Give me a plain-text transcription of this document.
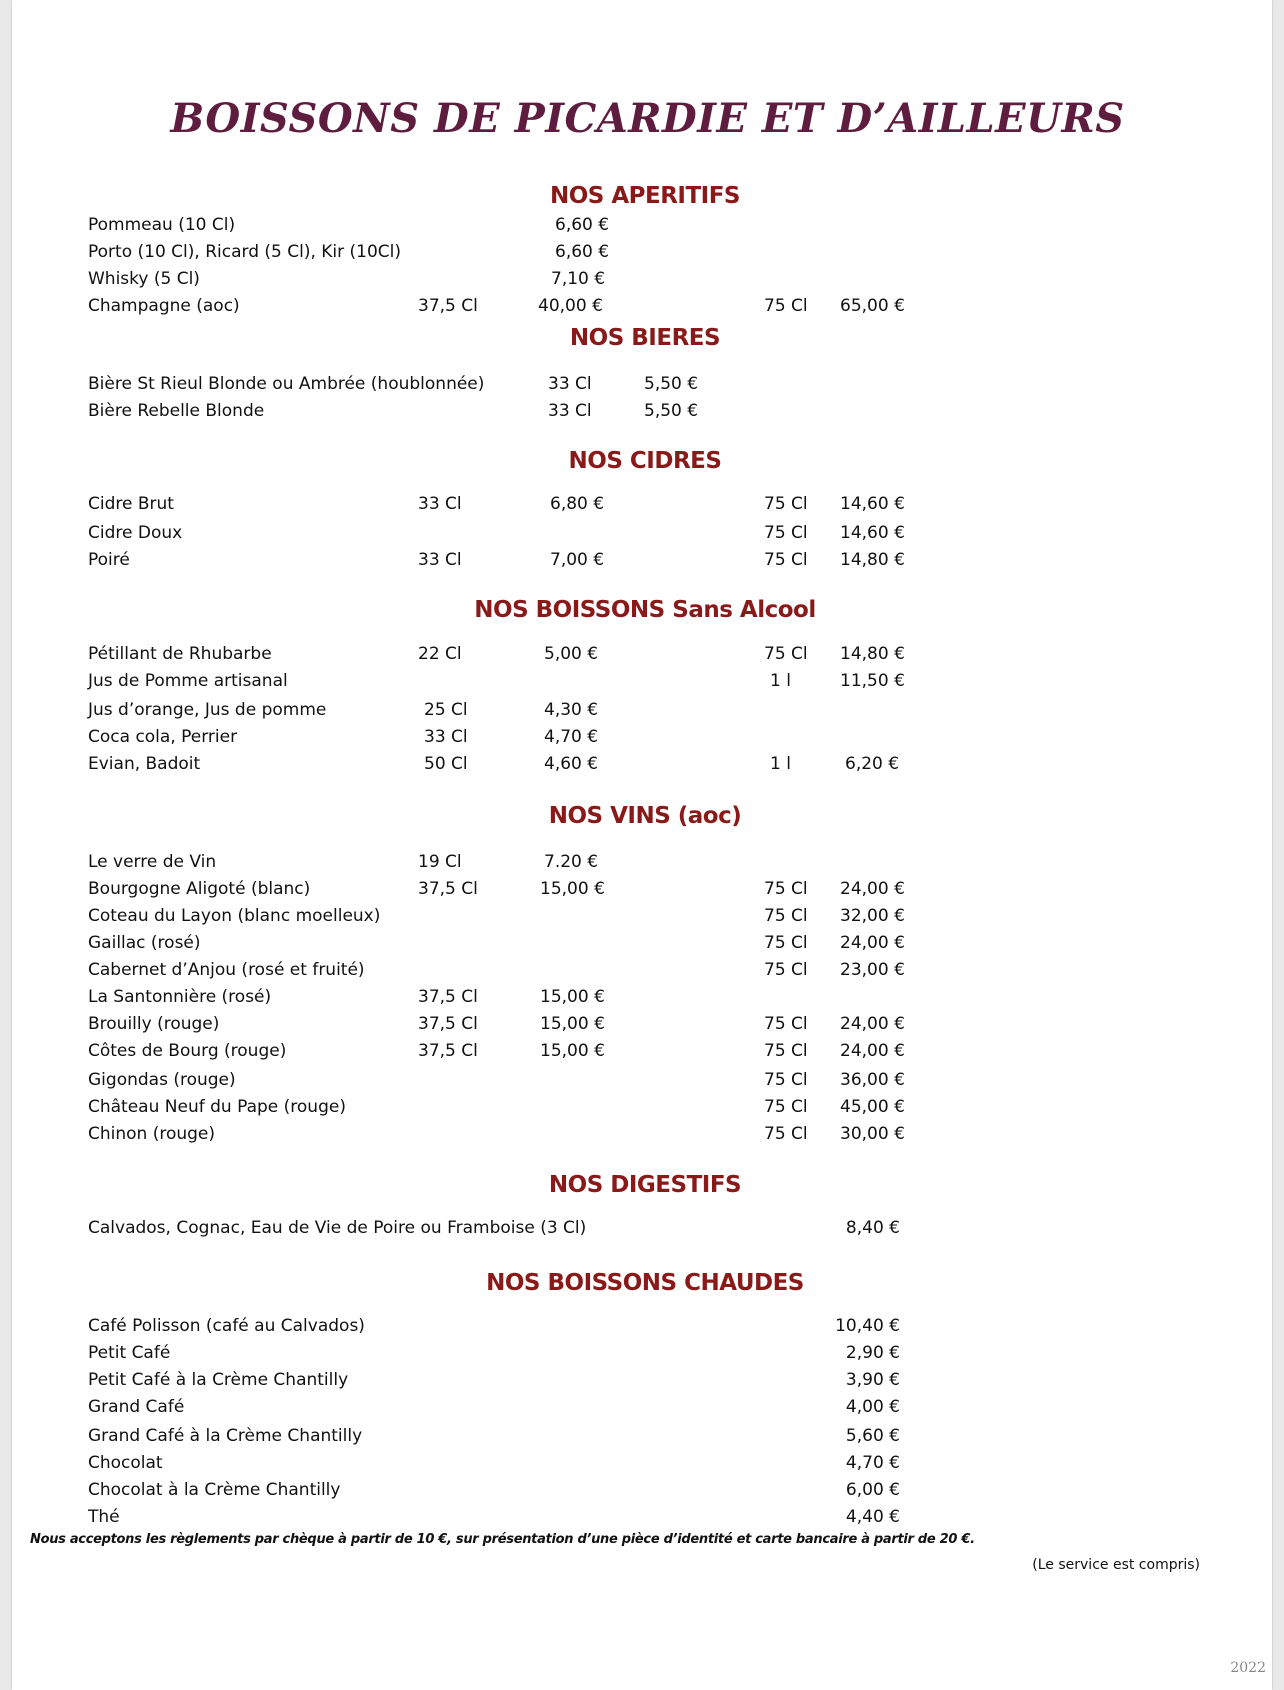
BOISSONS DE PICARDIE ET D’AILLEURS
NOS APERITIFS
Pommeau (10 Cl)	6,60 €
Porto (10 Cl), Ricard (5 Cl), Kir (10Cl)	6,60 €
Whisky (5 Cl)	7,10 €
Champagne (aoc)	37,5 Cl	40,00 €	75 Cl 65,00 €
NOS BIERES
Bière St Rieul Blonde ou Ambrée (houblonnée)	33 Cl	5,50 €
Bière Rebelle Blonde	33 Cl	5,50 €
NOS CIDRES
Cidre Brut	33 Cl	6,80 €	75 Cl 14,60 €
Cidre Doux	75 Cl 14,60 €
Poiré	33 Cl	7,00 €	75 Cl 14,80 €
NOS BOISSONS Sans Alcool
Pétillant de Rhubarbe	22 Cl	5,00 €	75 Cl 14,80 €
Jus de Pomme artisanal	1 l	11,50 €
Jus d’orange, Jus de pomme	25 Cl	4,30 €
Coca cola, Perrier	33 Cl	4,70 €
Evian, Badoit	50 Cl	4,60 €	1 l	6,20 €
NOS VINS (aoc)
Le verre de Vin	19 Cl	7.20 €
Bourgogne Aligoté (blanc)	37,5 Cl	15,00 €	75 Cl 24,00 €
Coteau du Layon (blanc moelleux)	75 Cl 32,00 €
Gaillac (rosé)	75 Cl 24,00 €
Cabernet d’Anjou (rosé et fruité)	75 Cl 23,00 €
La Santonnière (rosé)	37,5 Cl	15,00 €
Brouilly (rouge)	37,5 Cl	15,00 €	75 Cl 24,00 €
Côtes de Bourg (rouge)	37,5 Cl	15,00 €	75 Cl 24,00 €
Gigondas (rouge)	75 Cl 36,00 €
Château Neuf du Pape (rouge)	75 Cl 45,00 €
Chinon (rouge)	75 Cl 30,00 €
NOS DIGESTIFS
Calvados, Cognac, Eau de Vie de Poire ou Framboise (3 Cl)	8,40 €
NOS BOISSONS CHAUDES
Café Polisson (café au Calvados)	10,40 €
Petit Café	2,90 €
Petit Café à la Crème Chantilly	3,90 €
Grand Café	4,00 €
Grand Café à la Crème Chantilly	5,60 €
Chocolat	4,70 €
Chocolat à la Crème Chantilly	6,00 €
Thé	4,40 €
Nous acceptons les règlements par chèque à partir de 10 €, sur présentation d’une pièce d’identité et carte bancaire à partir de 20 €.
(Le service est compris)
2022
